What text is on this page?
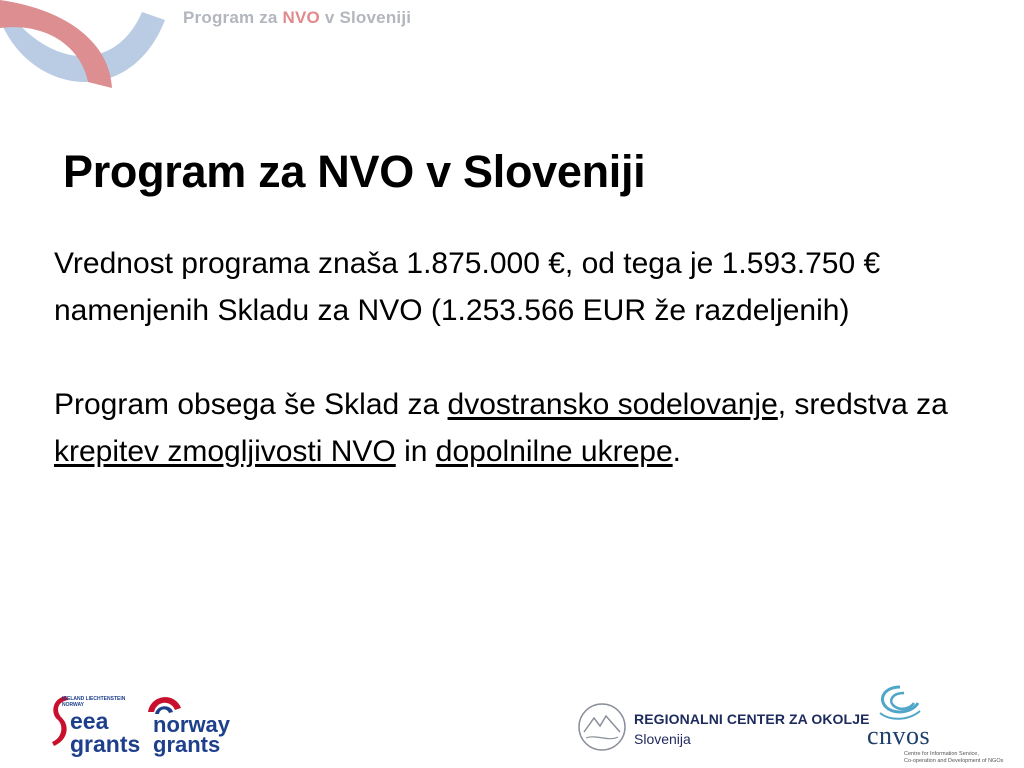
Program za NVO v Sloveniji
Program za NVO v Sloveniji

Vrednost programa znaša 1.875.000 €, od tega je 1.593.750 € namenjenih Skladu za NVO (1.253.566 EUR že razdeljenih)

Program obsega še Sklad za dvostransko sodelovanje, sredstva za krepitev zmogljivosti NVO in dopolnilne ukrepe.

ICELAND LIECHTENSTEIN NORWAY
eea
grants
norway
grants
REGIONALNI CENTER ZA OKOLJE
Slovenija	cnvos
Centre for Information Service,
Co-operation and Development of NGOs
